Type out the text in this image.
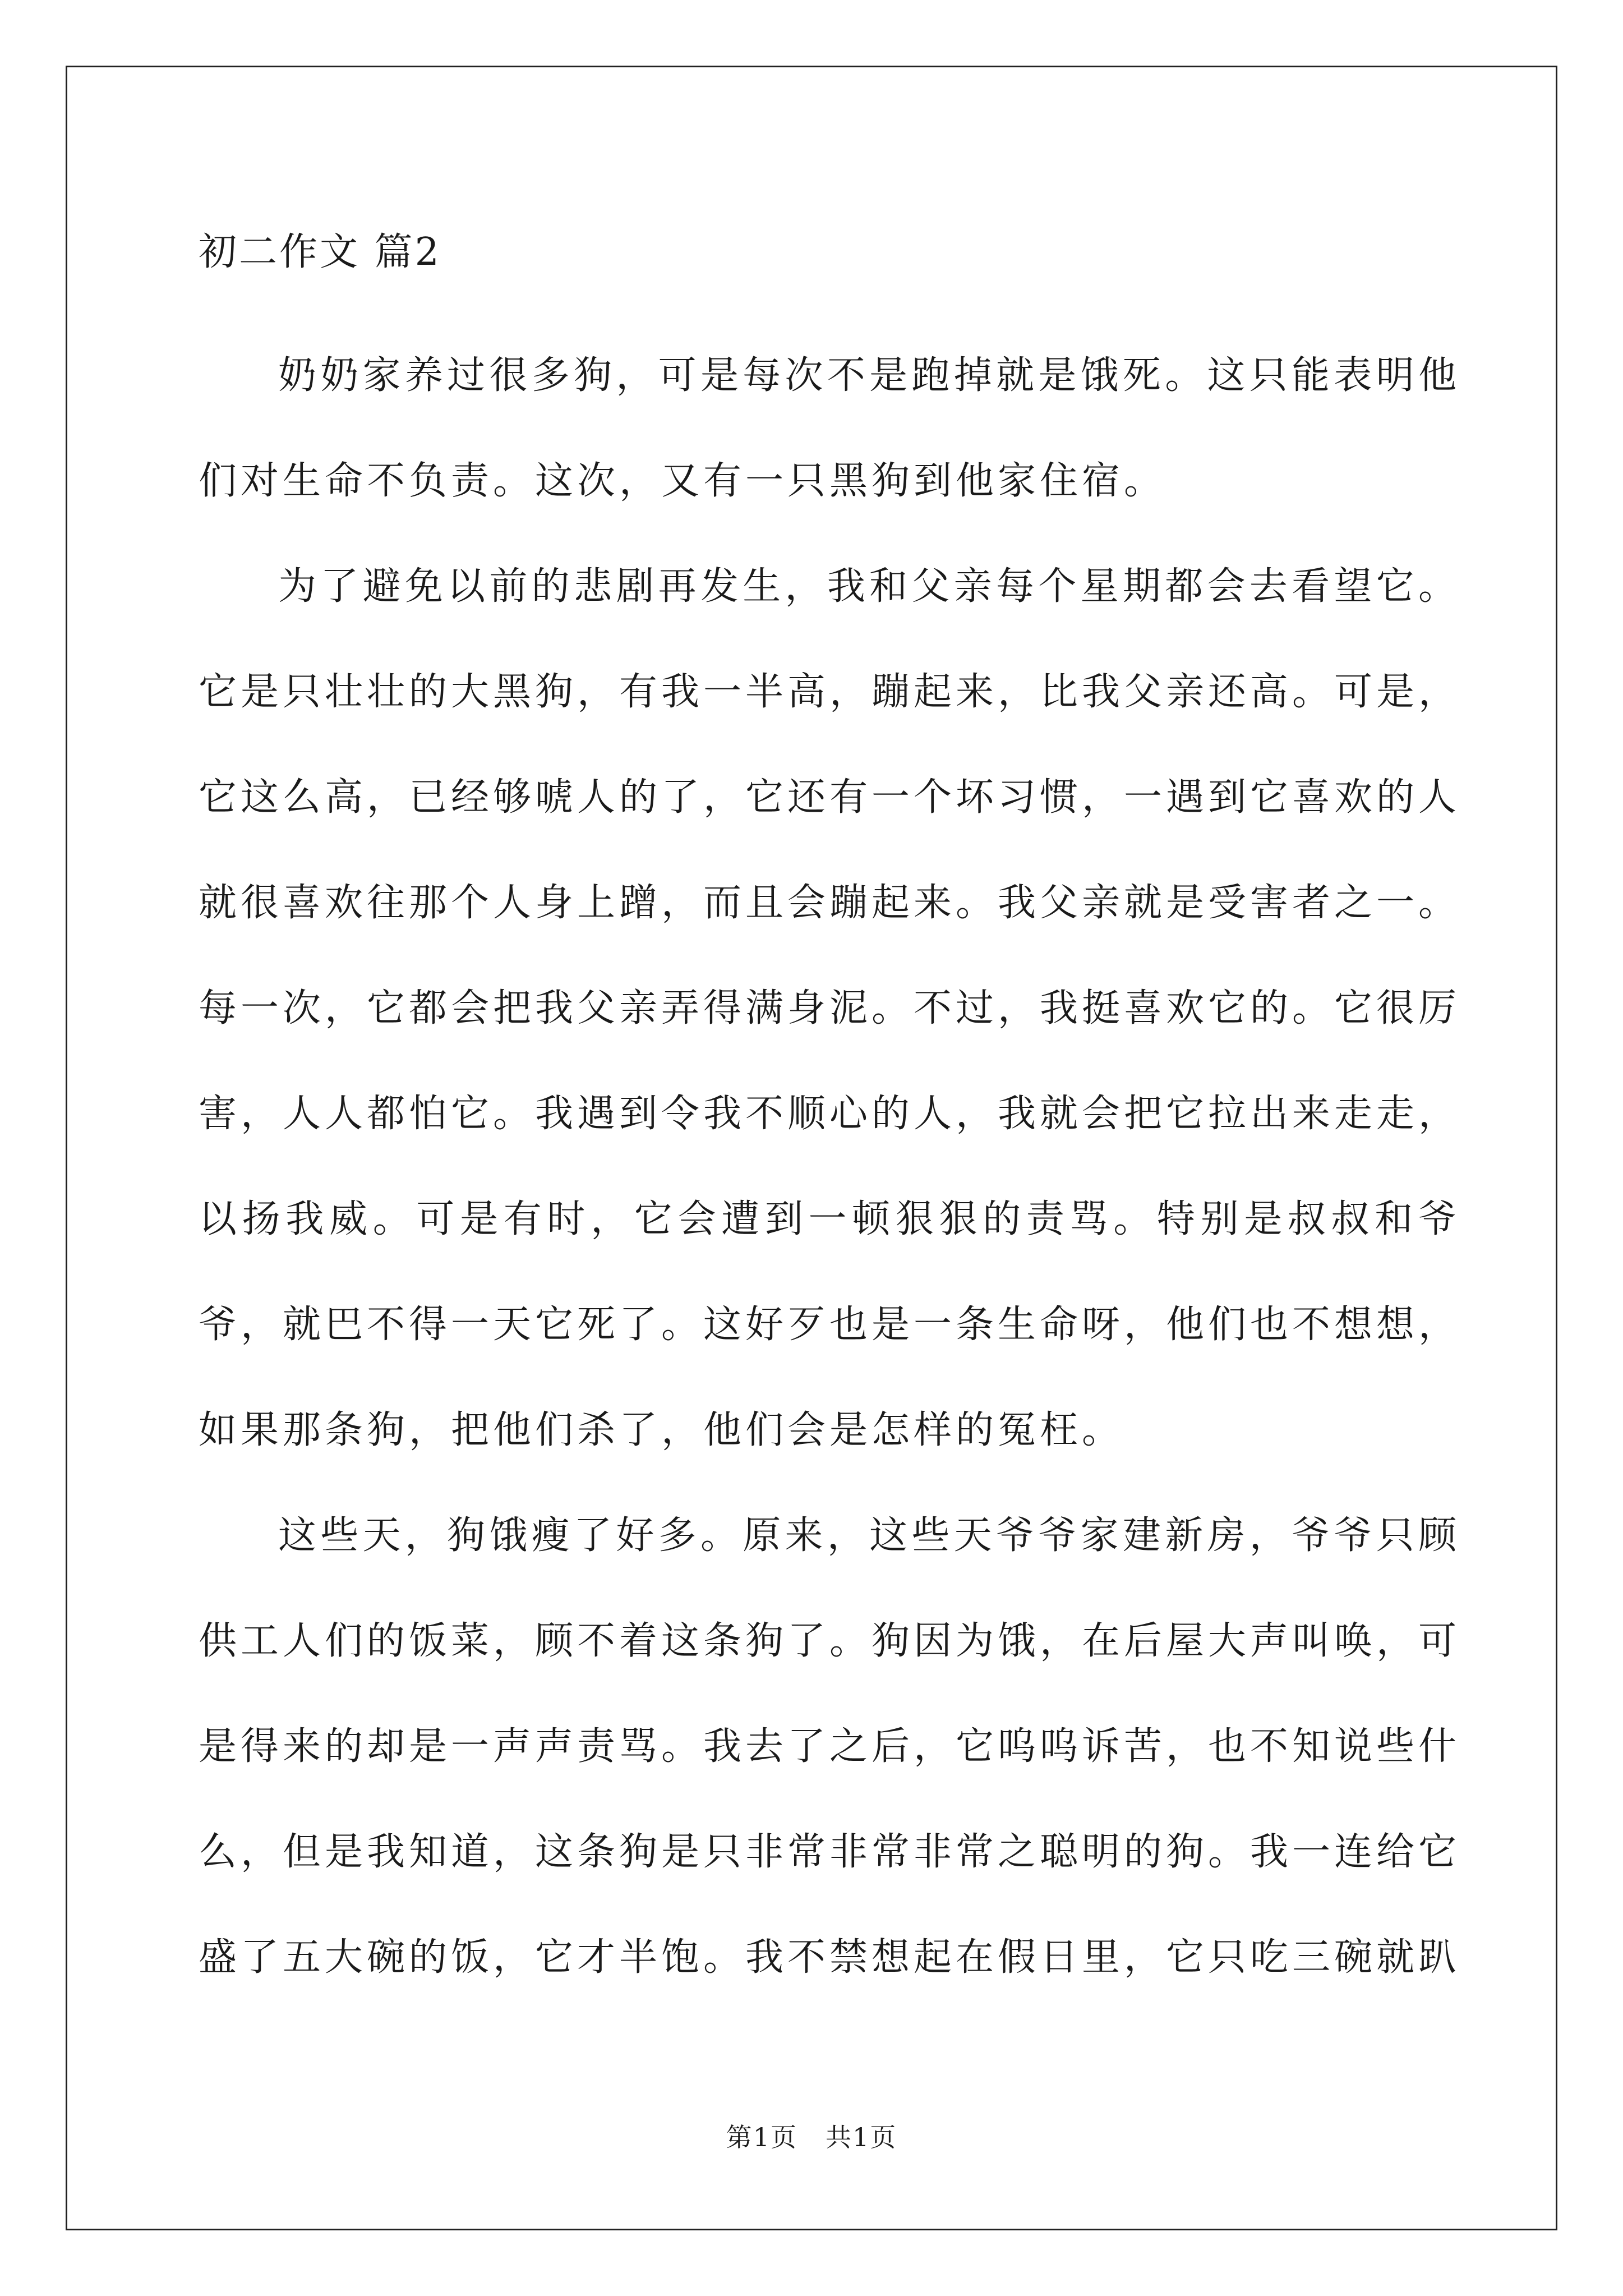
初二作文 篇2

奶奶家养过很多狗，可是每次不是跑掉就是饿死。这只能表明他们对生命不负责。这次，又有一只黑狗到他家住宿。

为了避免以前的悲剧再发生，我和父亲每个星期都会去看望它。它是只壮壮的大黑狗，有我一半高，蹦起来，比我父亲还高。可是，它这么高，已经够唬人的了，它还有一个坏习惯，一遇到它喜欢的人就很喜欢往那个人身上蹭，而且会蹦起来。我父亲就是受害者之一。每一次，它都会把我父亲弄得满身泥。不过，我挺喜欢它的。它很厉害，人人都怕它。我遇到令我不顺心的人，我就会把它拉出来走走，以扬我威。可是有时，它会遭到一顿狠狠的责骂。特别是叔叔和爷爷，就巴不得一天它死了。这好歹也是一条生命呀，他们也不想想，如果那条狗，把他们杀了，他们会是怎样的冤枉。

这些天，狗饿瘦了好多。原来，这些天爷爷家建新房，爷爷只顾供工人们的饭菜，顾不着这条狗了。狗因为饿，在后屋大声叫唤，可是得来的却是一声声责骂。我去了之后，它呜呜诉苦，也不知说些什么，但是我知道，这条狗是只非常非常非常之聪明的狗。我一连给它盛了五大碗的饭，它才半饱。我不禁想起在假日里，它只吃三碗就趴

第1页 共1页
